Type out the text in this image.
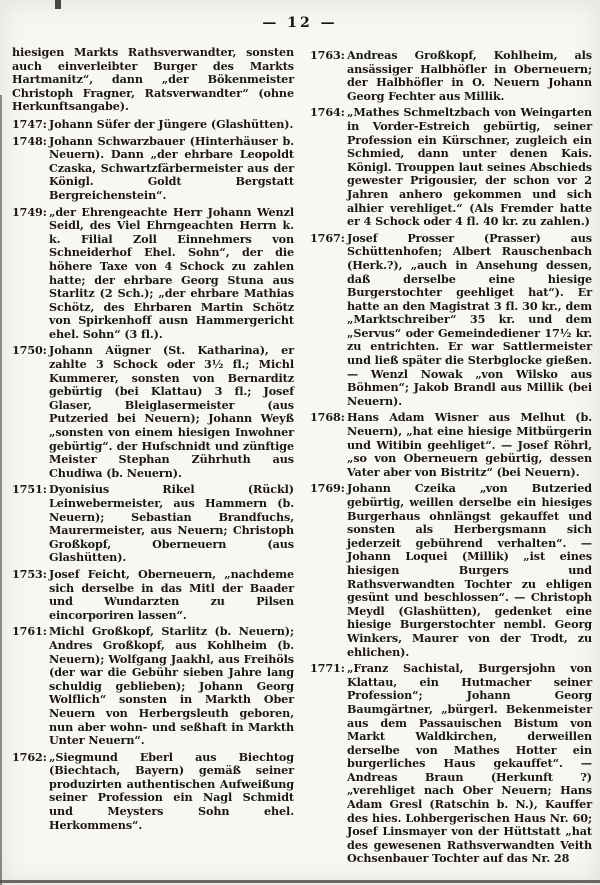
— 12 —

hiesigen Markts Rathsverwandter, sonsten auch einverleibter Burger des Markts Hartmanitz“, dann „der Bökenmeister Christoph Fragner, Ratsverwandter“ (ohne Herkunftsangabe).

1747: Johann Süfer der Jüngere (Glashütten).
1748: Johann Schwarzbauer (Hinterhäuser b. Neuern). Dann „der ehrbare Leopoldt Czaska, Schwartzfärbermeister aus der Königl. Goldt Bergstatt Bergreichenstein“.
1749: „der Ehrengeachte Herr Johann Wenzl Seidl, des Viel Ehrngeachten Herrn k. k. Filial Zoll Einnehmers von Schneiderhof Ehel. Sohn“, der die höhere Taxe von 4 Schock zu zahlen hatte; der ehrbare Georg Stuna aus Starlitz (2 Sch.); „der ehrbare Mathias Schötz, des Ehrbaren Martin Schötz von Spirkenhoff ausn Hammergericht ehel. Sohn“ (3 fl.).
1750: Johann Aügner (St. Katharina), er zahlte 3 Schock oder 3½ fl.; Michl Kummerer, sonsten von Bernarditz gebürtig (bei Klattau) 3 fl.; Josef Glaser, Bleiglasermeister (aus Putzeried bei Neuern); Johann Weyß „sonsten von einem hiesigen Inwohner gebürtig“. der Hufschnidt und zünftige Meister Stephan Zührhuth aus Chudiwa (b. Neuern).
1751: Dyonisius Rikel (Rückl) Leinwebermeister, aus Hammern (b. Neuern); Sebastian Brandfuchs, Maurermeister, aus Neuern; Christoph Großkopf, Oberneuern (aus Glashütten).
1753: Josef Feicht, Oberneuern, „nachdeme sich derselbe in das Mitl der Baader und Wundarzten zu Pilsen eincorporiren lassen“.
1761: Michl Großkopf, Starlitz (b. Neuern); Andres Großkopf, aus Kohlheim (b. Neuern); Wolfgang Jaakhl, aus Freihöls (der war die Gebühr sieben Jahre lang schuldig geblieben); Johann Georg Wolflich“ sonsten in Markth Ober Neuern von Herbergsleuth geboren, nun aber wohn- und seßhaft in Markth Unter Neuern“.
1762: „Siegmund Eberl aus Biechtog (Biechtach, Bayern) gemäß seiner produzirten authentischen Aufweißung seiner Profession ein Nagl Schmidt und Meysters Sohn ehel. Herkommens“.
1763: Andreas Großkopf, Kohlheim, als ansässiger Halbhöfler in Oberneuern; der Halbhöfler in O. Neuern Johann Georg Fechter aus Millik.
1764: „Mathes Schmeltzbach von Weingarten in Vorder-Estreich gebürtig, seiner Profession ein Kürschner, zugleich ein Schmied, dann unter denen Kais. Königl. Trouppen laut seines Abschieds gewester Prigousier, der schon vor 2 Jahren anhero gekommen und sich alhier verehliget.“ (Als Fremder hatte er 4 Schock oder 4 fl. 40 kr. zu zahlen.)
1767: Josef Prosser (Prasser) aus Schüttenhofen; Albert Rauschenbach (Herk.?), „auch in Ansehung dessen, daß derselbe eine hiesige Burgerstochter geehliget hat“). Er hatte an den Magistrat 3 fl. 30 kr., dem „Marktschreiber“ 35 kr. und dem „Servus“ oder Gemeindediener 17½ kr. zu entrichten. Er war Sattlermeister und ließ später die Sterbglocke gießen. — Wenzl Nowak „von Wilsko aus Böhmen“; Jakob Brandl aus Millik (bei Neuern).
1768: Hans Adam Wisner aus Melhut (b. Neuern), „hat eine hiesige Mitbürgerin und Witibin geehliget“. — Josef Röhrl, „so von Oberneuern gebürtig, dessen Vater aber von Bistritz“ (bei Neuern).
1769: Johann Czeika „von Butzeried gebürtig, weillen derselbe ein hiesiges Burgerhaus ohnlängst gekauffet und sonsten als Herbergsmann sich jederzeit gebührend verhalten“. — Johann Loquei (Millik) „ist eines hiesigen Burgers und Rathsverwandten Tochter zu ehligen gesünt und beschlossen“. — Christoph Meydl (Glashütten), gedenket eine hiesige Burgerstochter nembl. Georg Winkers, Maurer von der Trodt, zu ehlichen).
1771: „Franz Sachistal, Burgersjohn von Klattau, ein Hutmacher seiner Profession“; Johann Georg Baumgärtner, „bürgerl. Bekenmeister aus dem Passauischen Bistum von Markt Waldkirchen, derweillen derselbe von Mathes Hotter ein burgerliches Haus gekauffet“. — Andreas Braun (Herkunft ?) „verehliget nach Ober Neuern; Hans Adam Gresl (Ratschin b. N.), Kauffer des hies. Lohbergerischen Haus Nr. 60; Josef Linsmayer von der Hüttstatt „hat des gewesenen Rathsverwandten Veith Ochsenbauer Tochter auf das Nr. 28
